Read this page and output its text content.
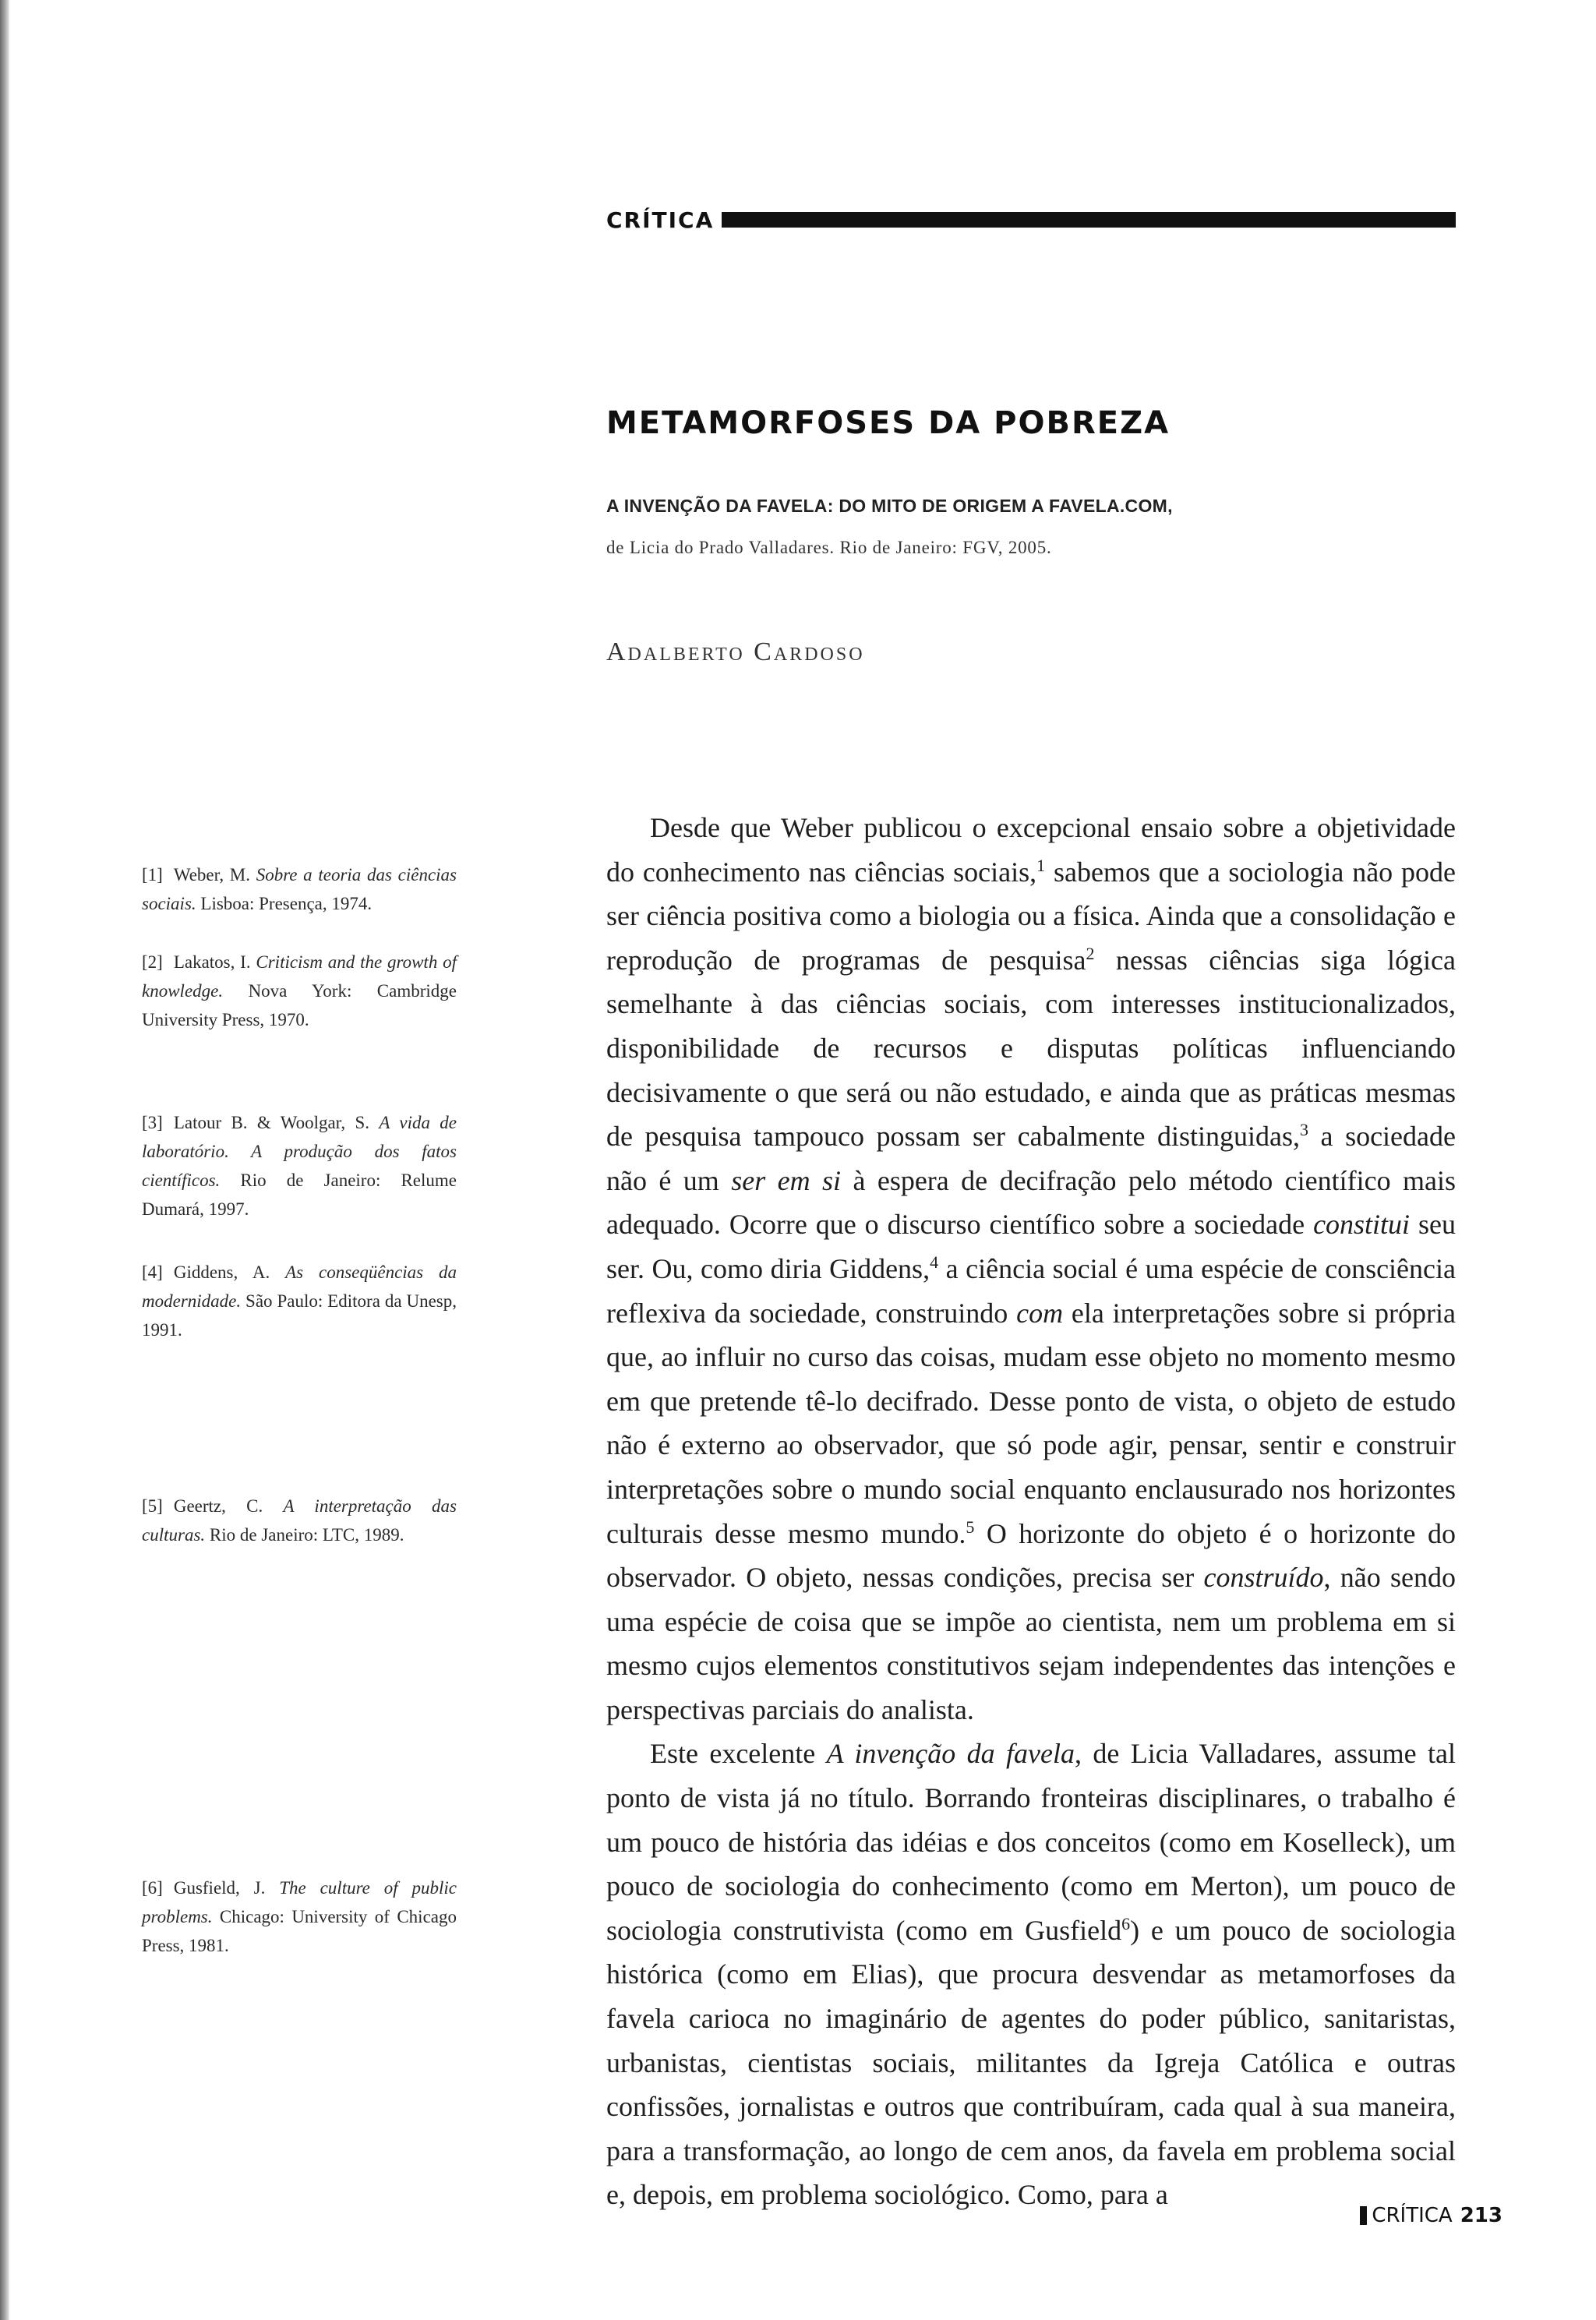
CRÍTICA
METAMORFOSES DA POBREZA
A INVENÇÃO DA FAVELA: DO MITO DE ORIGEM A FAVELA.COM,
de Licia do Prado Valladares. Rio de Janeiro: FGV, 2005.
Adalberto Cardoso

[1] Weber, M. Sobre a teoria das ciências sociais. Lisboa: Presença, 1974.

[2] Lakatos, I. Criticism and the growth of knowledge. Nova York: Cambridge University Press, 1970.

[3] Latour B. & Woolgar, S. A vida de laboratório. A produção dos fatos científicos. Rio de Janeiro: Relume Dumará, 1997.

[4] Giddens, A. As conseqüências da modernidade. São Paulo: Editora da Unesp, 1991.

[5] Geertz, C. A interpretação das culturas. Rio de Janeiro: LTC, 1989.

[6] Gusfield, J. The culture of public problems. Chicago: University of Chicago Press, 1981.

Desde que Weber publicou o excepcional ensaio sobre a objetividade do conhecimento nas ciências sociais,$^1$ sabemos que a sociologia não pode ser ciência positiva como a biologia ou a física. Ainda que a consolidação e reprodução de programas de pesquisa$^2$ nessas ciências siga lógica semelhante à das ciências sociais, com interesses institucionalizados, disponibilidade de recursos e disputas políticas influenciando decisivamente o que será ou não estudado, e ainda que as práticas mesmas de pesquisa tampouco possam ser cabalmente distinguidas,$^3$ a sociedade não é um ser em si à espera de decifração pelo método científico mais adequado. Ocorre que o discurso científico sobre a sociedade constitui seu ser. Ou, como diria Giddens,$^4$ a ciência social é uma espécie de consciência reflexiva da sociedade, construindo com ela interpretações sobre si própria que, ao influir no curso das coisas, mudam esse objeto no momento mesmo em que pretende tê-lo decifrado. Desse ponto de vista, o objeto de estudo não é externo ao observador, que só pode agir, pensar, sentir e construir interpretações sobre o mundo social enquanto enclausurado nos horizontes culturais desse mesmo mundo.$^5$ O horizonte do objeto é o horizonte do observador. O objeto, nessas condições, precisa ser construído, não sendo uma espécie de coisa que se impõe ao cientista, nem um problema em si mesmo cujos elementos constitutivos sejam independentes das intenções e perspectivas parciais do analista.

Este excelente A invenção da favela, de Licia Valladares, assume tal ponto de vista já no título. Borrando fronteiras disciplinares, o trabalho é um pouco de história das idéias e dos conceitos (como em Koselleck), um pouco de sociologia do conhecimento (como em Merton), um pouco de sociologia construtivista (como em Gusfield$^6$) e um pouco de sociologia histórica (como em Elias), que procura desvendar as metamorfoses da favela carioca no imaginário de agentes do poder público, sanitaristas, urbanistas, cientistas sociais, militantes da Igreja Católica e outras confissões, jornalistas e outros que contribuíram, cada qual à sua maneira, para a transformação, ao longo de cem anos, da favela em problema social e, depois, em problema sociológico. Como, para a

CRÍTICA 213
